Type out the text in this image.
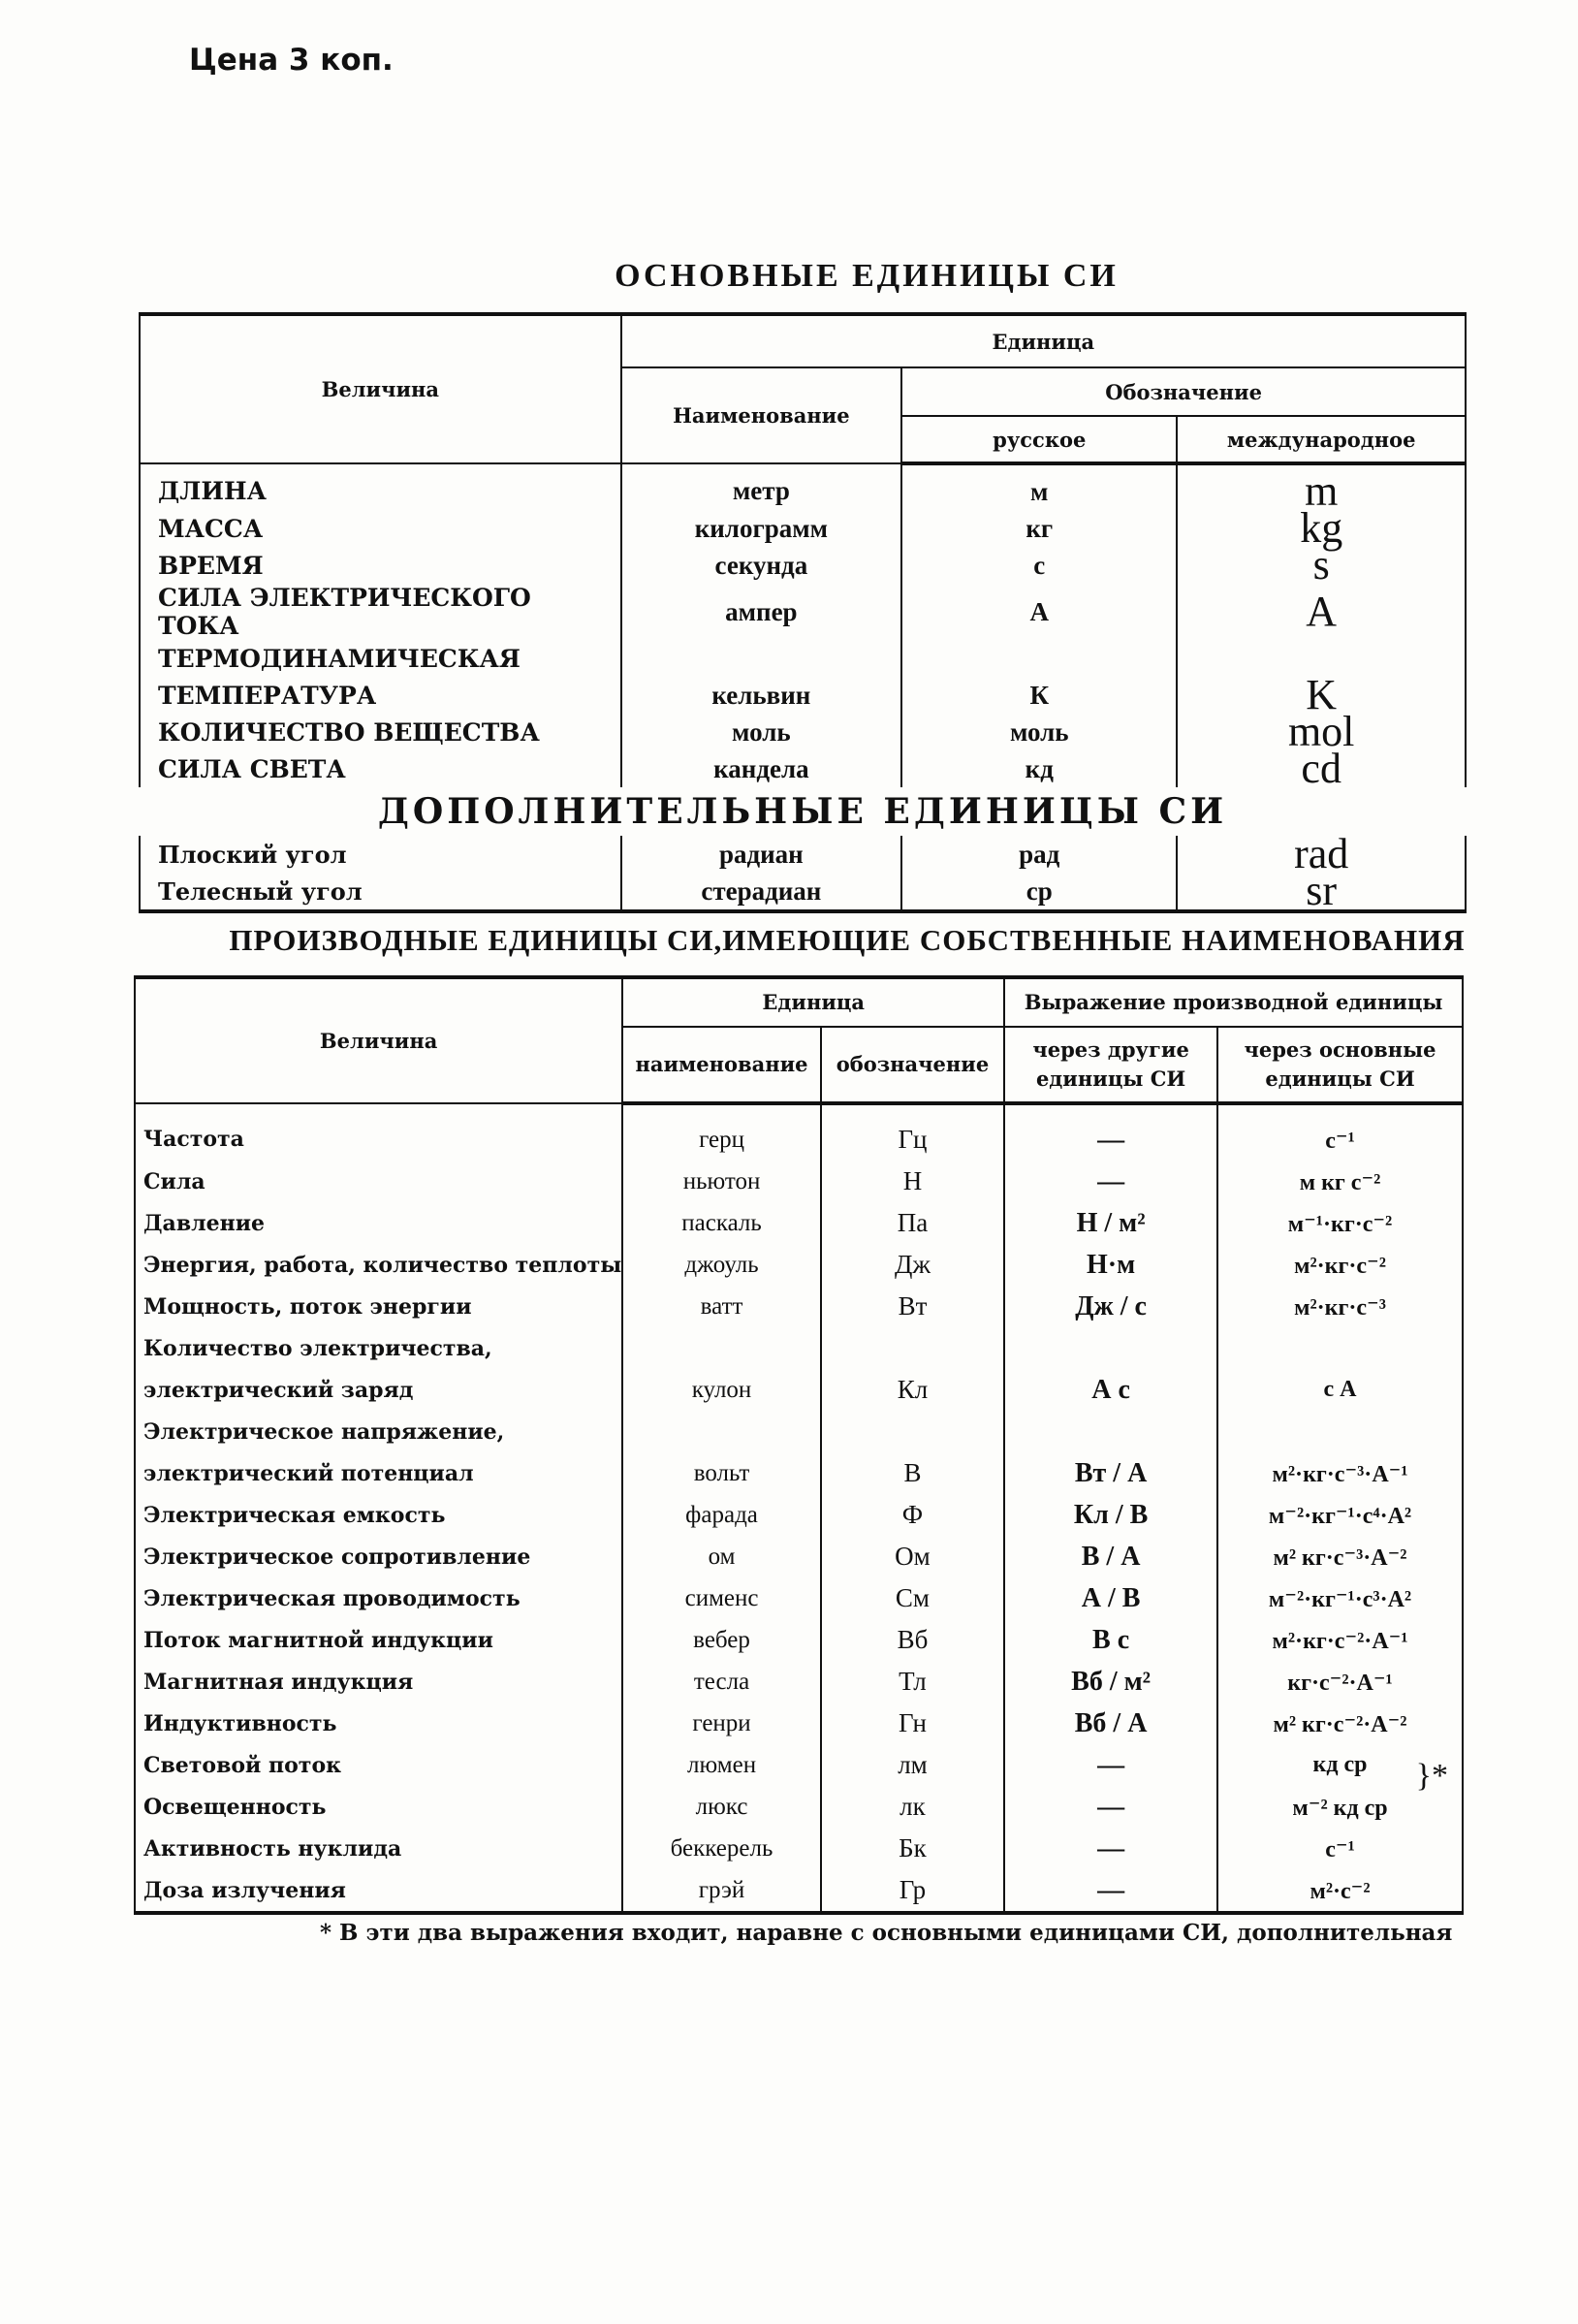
Цена 3 коп.
ОСНОВНЫЕ ЕДИНИЦЫ СИ
Величина	Единица		
	Наименование	Обозначение	
		русское	международное
ДЛИНА	метр	м	m
МАССА	килограмм	кг	kg
ВРЕМЯ	секунда	с	s
СИЛА ЭЛЕКТРИЧЕСКОГО ТОКА	ампер	А	A
ТЕРМОДИНАМИЧЕСКАЯ			
ТЕМПЕРАТУРА	кельвин	К	K
КОЛИЧЕСТВО ВЕЩЕСТВА	моль	моль	mol
СИЛА СВЕТА	кандела	кд	cd
ДОПОЛНИТЕЛЬНЫЕ ЕДИНИЦЫ СИ			
Плоский угол	радиан	рад	rad
Телесный угол	стерадиан	ср	sr
ПРОИЗВОДНЫЕ ЕДИНИЦЫ СИ,ИМЕЮЩИЕ СОБСТВЕННЫЕ НАИМЕНОВАНИЯ
Величина	Единица		Выражение производной единицы	
	наименование	обозначение	через другие единицы СИ	через основные единицы СИ
Частота	герц	Гц	—	с⁻¹
Сила	ньютон	Н	—	м кг с⁻²
Давление	паскаль	Па	Н / м²	м⁻¹·кг·с⁻²
Энергия, работа, количество теплоты	джоуль	Дж	Н·м	м²·кг·с⁻²
Мощность, поток энергии	ватт	Вт	Дж / с	м²·кг·с⁻³
Количество электричества,				
электрический заряд	кулон	Кл	А с	с А
Электрическое напряжение,				
электрический потенциал	вольт	В	Вт / А	м²·кг·с⁻³·А⁻¹
Электрическая емкость	фарада	Ф	Кл / В	м⁻²·кг⁻¹·с⁴·А²
Электрическое сопротивление	ом	Ом	В / А	м² кг·с⁻³·А⁻²
Электрическая проводимость	сименс	См	А / В	м⁻²·кг⁻¹·с³·А²
Поток магнитной индукции	вебер	Вб	В с	м²·кг·с⁻²·А⁻¹
Магнитная индукция	тесла	Тл	Вб / м²	кг·с⁻²·А⁻¹
Индуктивность	генри	Гн	Вб / А	м² кг·с⁻²·А⁻²
Световой поток	люмен	лм	—	кд ср }*

Освещенность	люкс	лк	—	м⁻² кд ср
Активность нуклида	беккерель	Бк	—	с⁻¹
Доза излучения	грэй	Гр	—	м²·с⁻²
* В эти два выражения входит, наравне с основными единицами СИ, дополнительная
